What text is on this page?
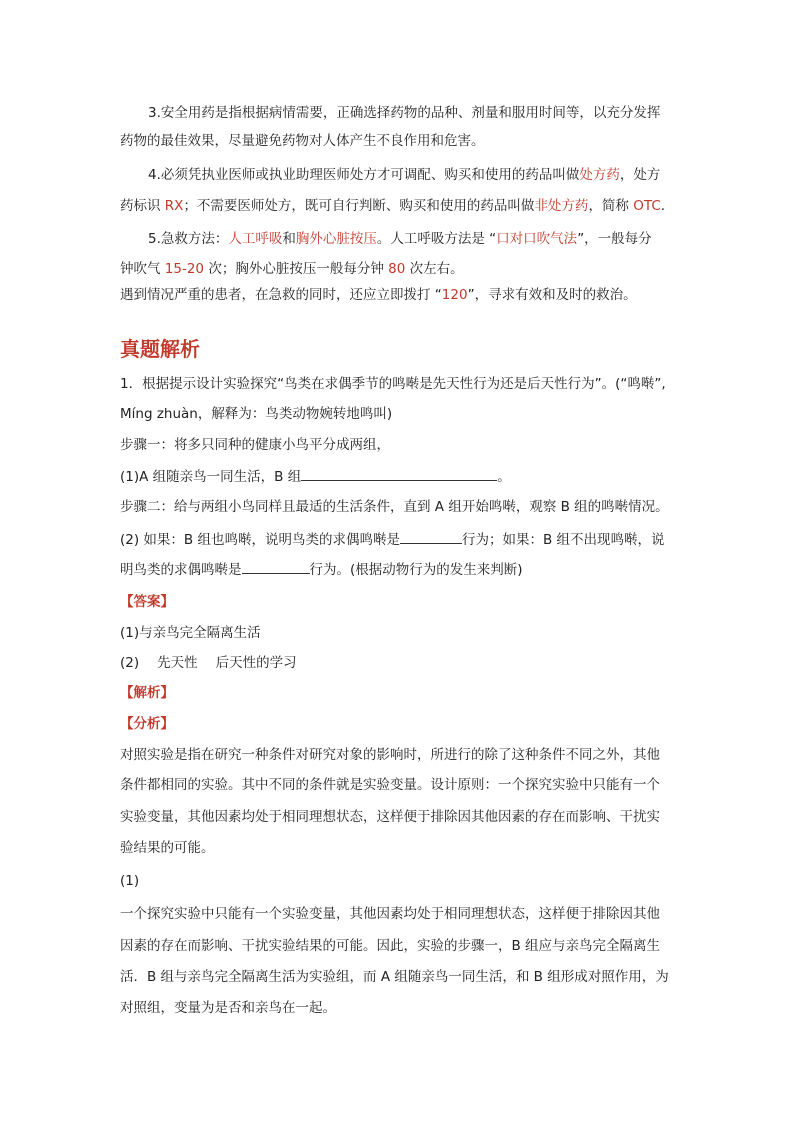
3.安全用药是指根据病情需要，正确选择药物的品种、剂量和服用时间等，以充分发挥
药物的最佳效果，尽量避免药物对人体产生不良作用和危害。
4.必须凭执业医师或执业助理医师处方才可调配、购买和使用的药品叫做处方药，处方
药标识 RX；不需要医师处方，既可自行判断、购买和使用的药品叫做非处方药，简称 OTC.
5.急救方法：人工呼吸和胸外心脏按压。人工呼吸方法是 “口对口吹气法”，一般每分
钟吹气 15-20 次；胸外心脏按压一般每分钟 80 次左右。
遇到情况严重的患者，在急救的同时，还应立即拨打 “120”，寻求有效和及时的救治。
真题解析
1．根据提示设计实验探究“鸟类在求偶季节的鸣啭是先天性行为还是后天性行为”。(“鸣啭”,
Míng zhuàn，解释为：鸟类动物婉转地鸣叫)
步骤一：将多只同种的健康小鸟平分成两组，
(1)A 组随亲鸟一同生活，B 组	。
步骤二：给与两组小鸟同样且最适的生活条件，直到 A 组开始鸣啭，观察 B 组的鸣啭情况。
(2) 如果：B 组也鸣啭，说明鸟类的求偶鸣啭是	行为；如果：B 组不出现鸣啭，说
明鸟类的求偶鸣啭是	行为。(根据动物行为的发生来判断)
【答案】
(1)与亲鸟完全隔离生活
(2) 先天性 后天性的学习
【解析】
【分析】
对照实验是指在研究一种条件对研究对象的影响时，所进行的除了这种条件不同之外，其他
条件都相同的实验。其中不同的条件就是实验变量。设计原则：一个探究实验中只能有一个
实验变量，其他因素均处于相同理想状态，这样便于排除因其他因素的存在而影响、干扰实
验结果的可能。
(1)
一个探究实验中只能有一个实验变量，其他因素均处于相同理想状态，这样便于排除因其他
因素的存在而影响、干扰实验结果的可能。因此，实验的步骤一，B 组应与亲鸟完全隔离生
活．B 组与亲鸟完全隔离生活为实验组，而 A 组随亲鸟一同生活，和 B 组形成对照作用，为
对照组，变量为是否和亲鸟在一起。
